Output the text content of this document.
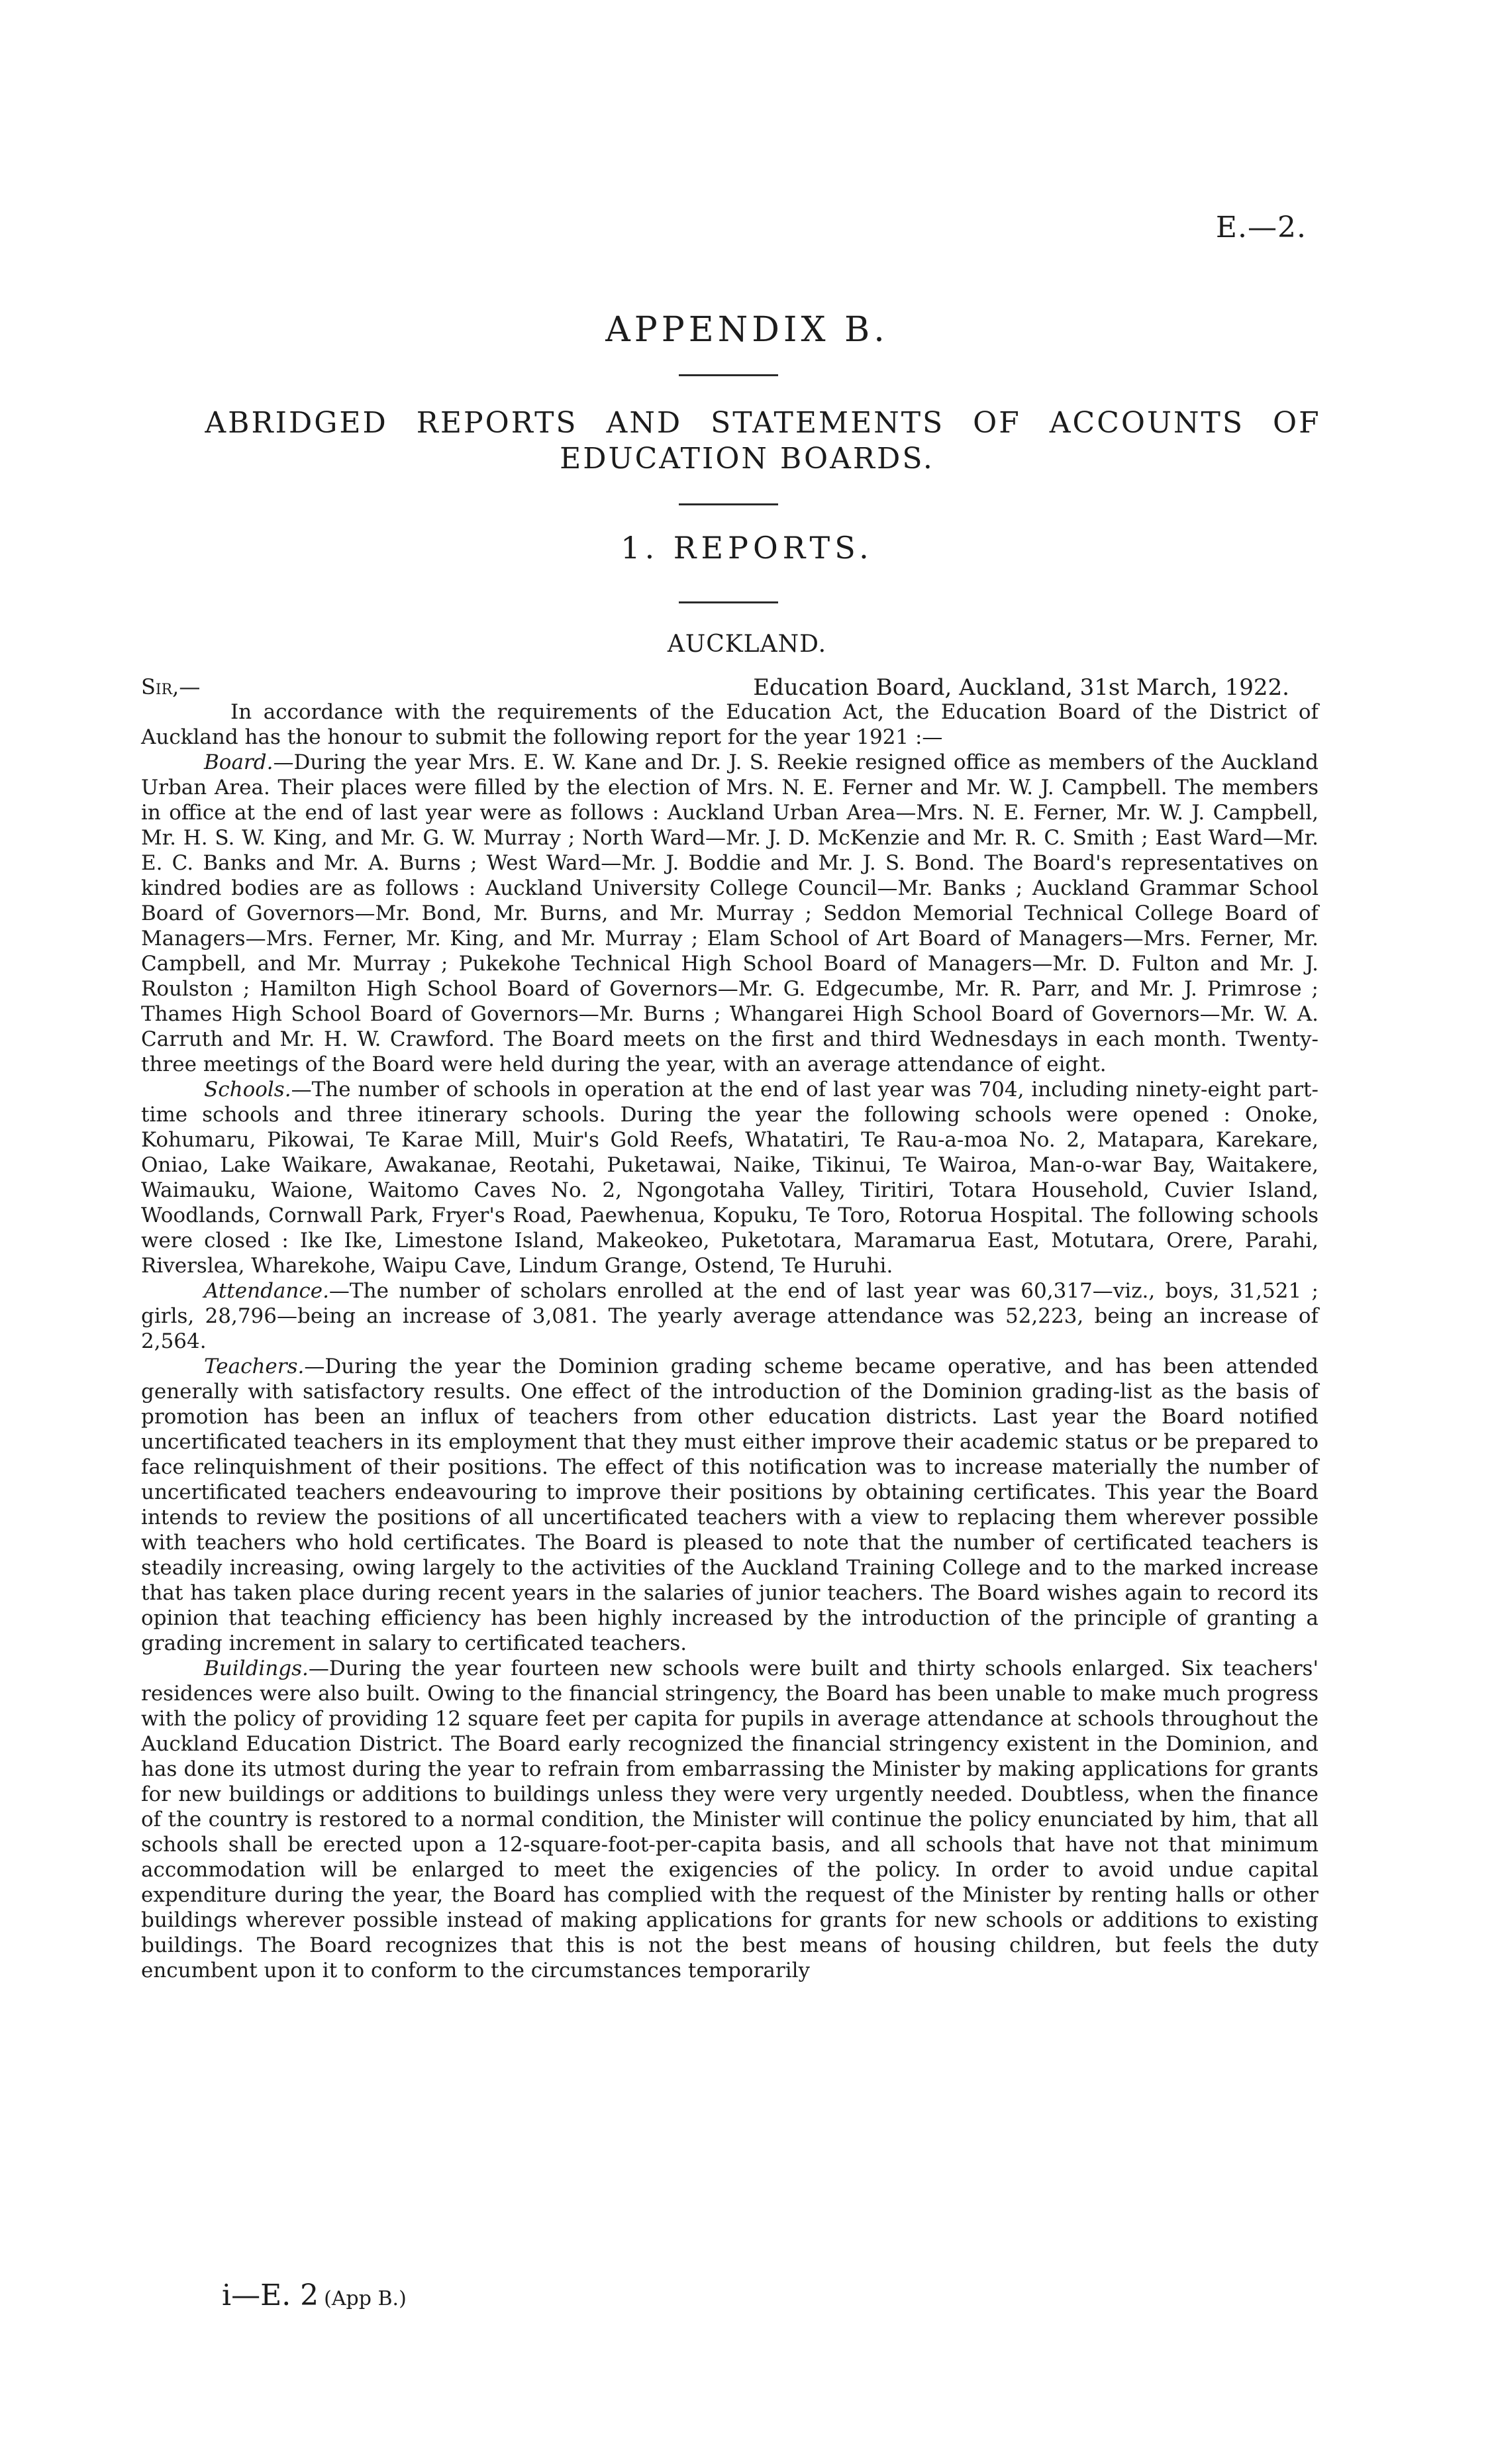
E.—2.
APPENDIX B.
ABRIDGED REPORTS AND STATEMENTS OF ACCOUNTS OF
EDUCATION BOARDS.
1. REPORTS.
AUCKLAND.
Sir,—	Education Board, Auckland, 31st March, 1922.

In accordance with the requirements of the Education Act, the Education Board of the District of Auckland has the honour to submit the following report for the year 1921 :—

Board.—During the year Mrs. E. W. Kane and Dr. J. S. Reekie resigned office as members of the Auckland Urban Area. Their places were filled by the election of Mrs. N. E. Ferner and Mr. W. J. Campbell. The members in office at the end of last year were as follows : Auckland Urban Area—Mrs. N. E. Ferner, Mr. W. J. Campbell, Mr. H. S. W. King, and Mr. G. W. Murray ; North Ward—Mr. J. D. McKenzie and Mr. R. C. Smith ; East Ward—Mr. E. C. Banks and Mr. A. Burns ; West Ward—Mr. J. Boddie and Mr. J. S. Bond. The Board's representatives on kindred bodies are as follows : Auckland University College Council—Mr. Banks ; Auckland Grammar School Board of Governors—Mr. Bond, Mr. Burns, and Mr. Murray ; Seddon Memorial Technical College Board of Managers—Mrs. Ferner, Mr. King, and Mr. Murray ; Elam School of Art Board of Managers—Mrs. Ferner, Mr. Campbell, and Mr. Murray ; Pukekohe Technical High School Board of Managers—Mr. D. Fulton and Mr. J. Roulston ; Hamilton High School Board of Governors—Mr. G. Edgecumbe, Mr. R. Parr, and Mr. J. Primrose ; Thames High School Board of Governors—Mr. Burns ; Whangarei High School Board of Governors—Mr. W. A. Carruth and Mr. H. W. Crawford. The Board meets on the first and third Wednesdays in each month. Twenty-three meetings of the Board were held during the year, with an average attendance of eight.

Schools.—The number of schools in operation at the end of last year was 704, including ninety-eight part-time schools and three itinerary schools. During the year the following schools were opened : Onoke, Kohumaru, Pikowai, Te Karae Mill, Muir's Gold Reefs, Whatatiri, Te Rau-a-moa No. 2, Matapara, Karekare, Oniao, Lake Waikare, Awakanae, Reotahi, Puketawai, Naike, Tikinui, Te Wairoa, Man-o-war Bay, Waitakere, Waimauku, Waione, Waitomo Caves No. 2, Ngongotaha Valley, Tiritiri, Totara Household, Cuvier Island, Woodlands, Cornwall Park, Fryer's Road, Paewhenua, Kopuku, Te Toro, Rotorua Hospital. The following schools were closed : Ike Ike, Limestone Island, Makeokeo, Puketotara, Maramarua East, Motutara, Orere, Parahi, Riverslea, Wharekohe, Waipu Cave, Lindum Grange, Ostend, Te Huruhi.

Attendance.—The number of scholars enrolled at the end of last year was 60,317—viz., boys, 31,521 ; girls, 28,796—being an increase of 3,081. The yearly average attendance was 52,223, being an increase of 2,564.

Teachers.—During the year the Dominion grading scheme became operative, and has been attended generally with satisfactory results. One effect of the introduction of the Dominion grading-list as the basis of promotion has been an influx of teachers from other education districts. Last year the Board notified uncertificated teachers in its employment that they must either improve their academic status or be prepared to face relinquishment of their positions. The effect of this notification was to increase materially the number of uncertificated teachers endeavouring to improve their positions by obtaining certificates. This year the Board intends to review the positions of all uncertificated teachers with a view to replacing them wherever possible with teachers who hold certificates. The Board is pleased to note that the number of certificated teachers is steadily increasing, owing largely to the activities of the Auckland Training College and to the marked increase that has taken place during recent years in the salaries of junior teachers. The Board wishes again to record its opinion that teaching efficiency has been highly increased by the introduction of the principle of granting a grading increment in salary to certificated teachers.

Buildings.—During the year fourteen new schools were built and thirty schools enlarged. Six teachers' residences were also built. Owing to the financial stringency, the Board has been unable to make much progress with the policy of providing 12 square feet per capita for pupils in average attendance at schools throughout the Auckland Education District. The Board early recognized the financial stringency existent in the Dominion, and has done its utmost during the year to refrain from embarrassing the Minister by making applications for grants for new buildings or additions to buildings unless they were very urgently needed. Doubtless, when the finance of the country is restored to a normal condition, the Minister will continue the policy enunciated by him, that all schools shall be erected upon a 12-square-foot-per-capita basis, and all schools that have not that minimum accommodation will be enlarged to meet the exigencies of the policy. In order to avoid undue capital expenditure during the year, the Board has complied with the request of the Minister by renting halls or other buildings wherever possible instead of making applications for grants for new schools or additions to existing buildings. The Board recognizes that this is not the best means of housing children, but feels the duty encumbent upon it to conform to the circumstances temporarily

i—E. 2 (App B.)
